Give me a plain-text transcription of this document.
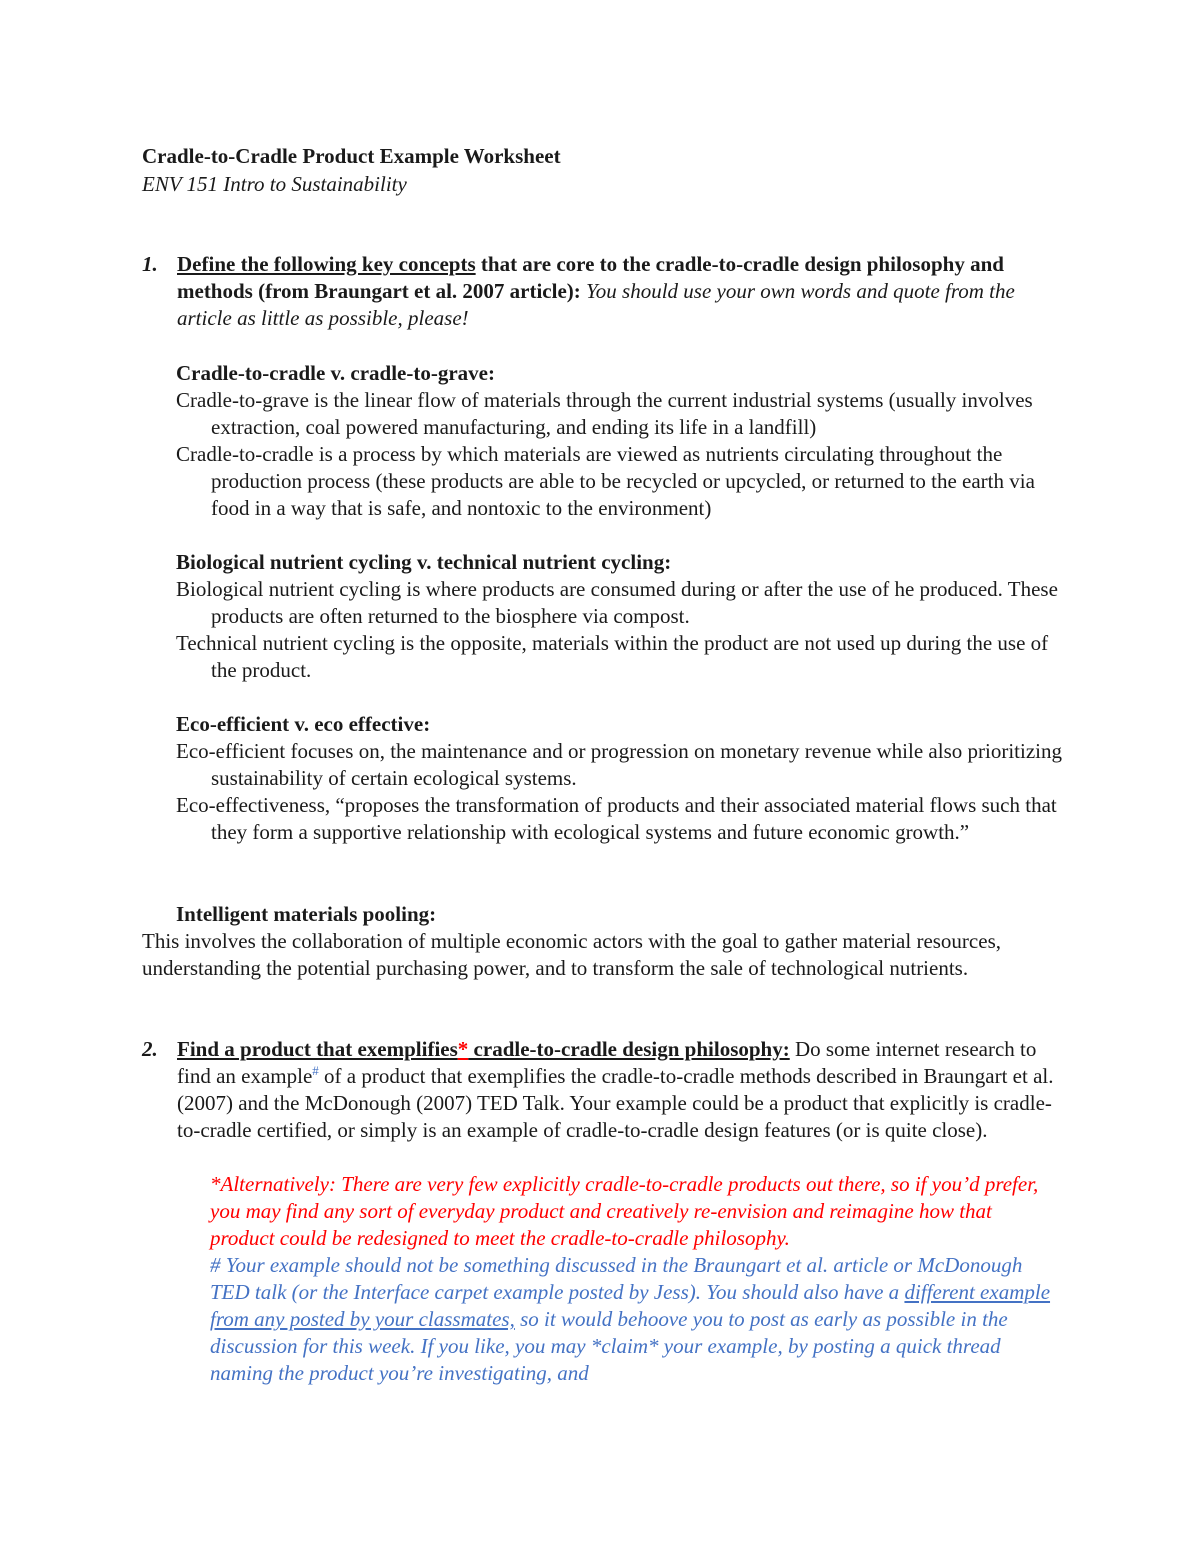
Cradle-to-Cradle Product Example Worksheet
ENV 151 Intro to Sustainability
1. Define the following key concepts that are core to the cradle-to-cradle design philosophy and methods (from Braungart et al. 2007 article): You should use your own words and quote from the article as little as possible, please!
Cradle-to-cradle v. cradle-to-grave:

Cradle-to-grave is the linear flow of materials through the current industrial systems (usually involves extraction, coal powered manufacturing, and ending its life in a landfill)

Cradle-to-cradle is a process by which materials are viewed as nutrients circulating throughout the production process (these products are able to be recycled or upcycled, or returned to the earth via food in a way that is safe, and nontoxic to the environment)

Biological nutrient cycling v. technical nutrient cycling:

Biological nutrient cycling is where products are consumed during or after the use of he produced. These products are often returned to the biosphere via compost.

Technical nutrient cycling is the opposite, materials within the product are not used up during the use of the product.

Eco-efficient v. eco effective:

Eco-efficient focuses on, the maintenance and or progression on monetary revenue while also prioritizing sustainability of certain ecological systems.

Eco-effectiveness, “proposes the transformation of products and their associated material flows such that they form a supportive relationship with ecological systems and future economic growth.”

Intelligent materials pooling:

This involves the collaboration of multiple economic actors with the goal to gather material resources, understanding the potential purchasing power, and to transform the sale of technological nutrients.

2. Find a product that exemplifies* cradle-to-cradle design philosophy: Do some internet research to find an example# of a product that exemplifies the cradle-to-cradle methods described in Braungart et al. (2007) and the McDonough (2007) TED Talk. Your example could be a product that explicitly is cradle-to-cradle certified, or simply is an example of cradle-to-cradle design features (or is quite close).
*Alternatively: There are very few explicitly cradle-to-cradle products out there, so if you’d prefer, you may find any sort of everyday product and creatively re-envision and reimagine how that product could be redesigned to meet the cradle-to-cradle philosophy.
# Your example should not be something discussed in the Braungart et al. article or McDonough TED talk (or the Interface carpet example posted by Jess). You should also have a different example from any posted by your classmates, so it would behoove you to post as early as possible in the discussion for this week. If you like, you may *claim* your example, by posting a quick thread naming the product you’re investigating, and
